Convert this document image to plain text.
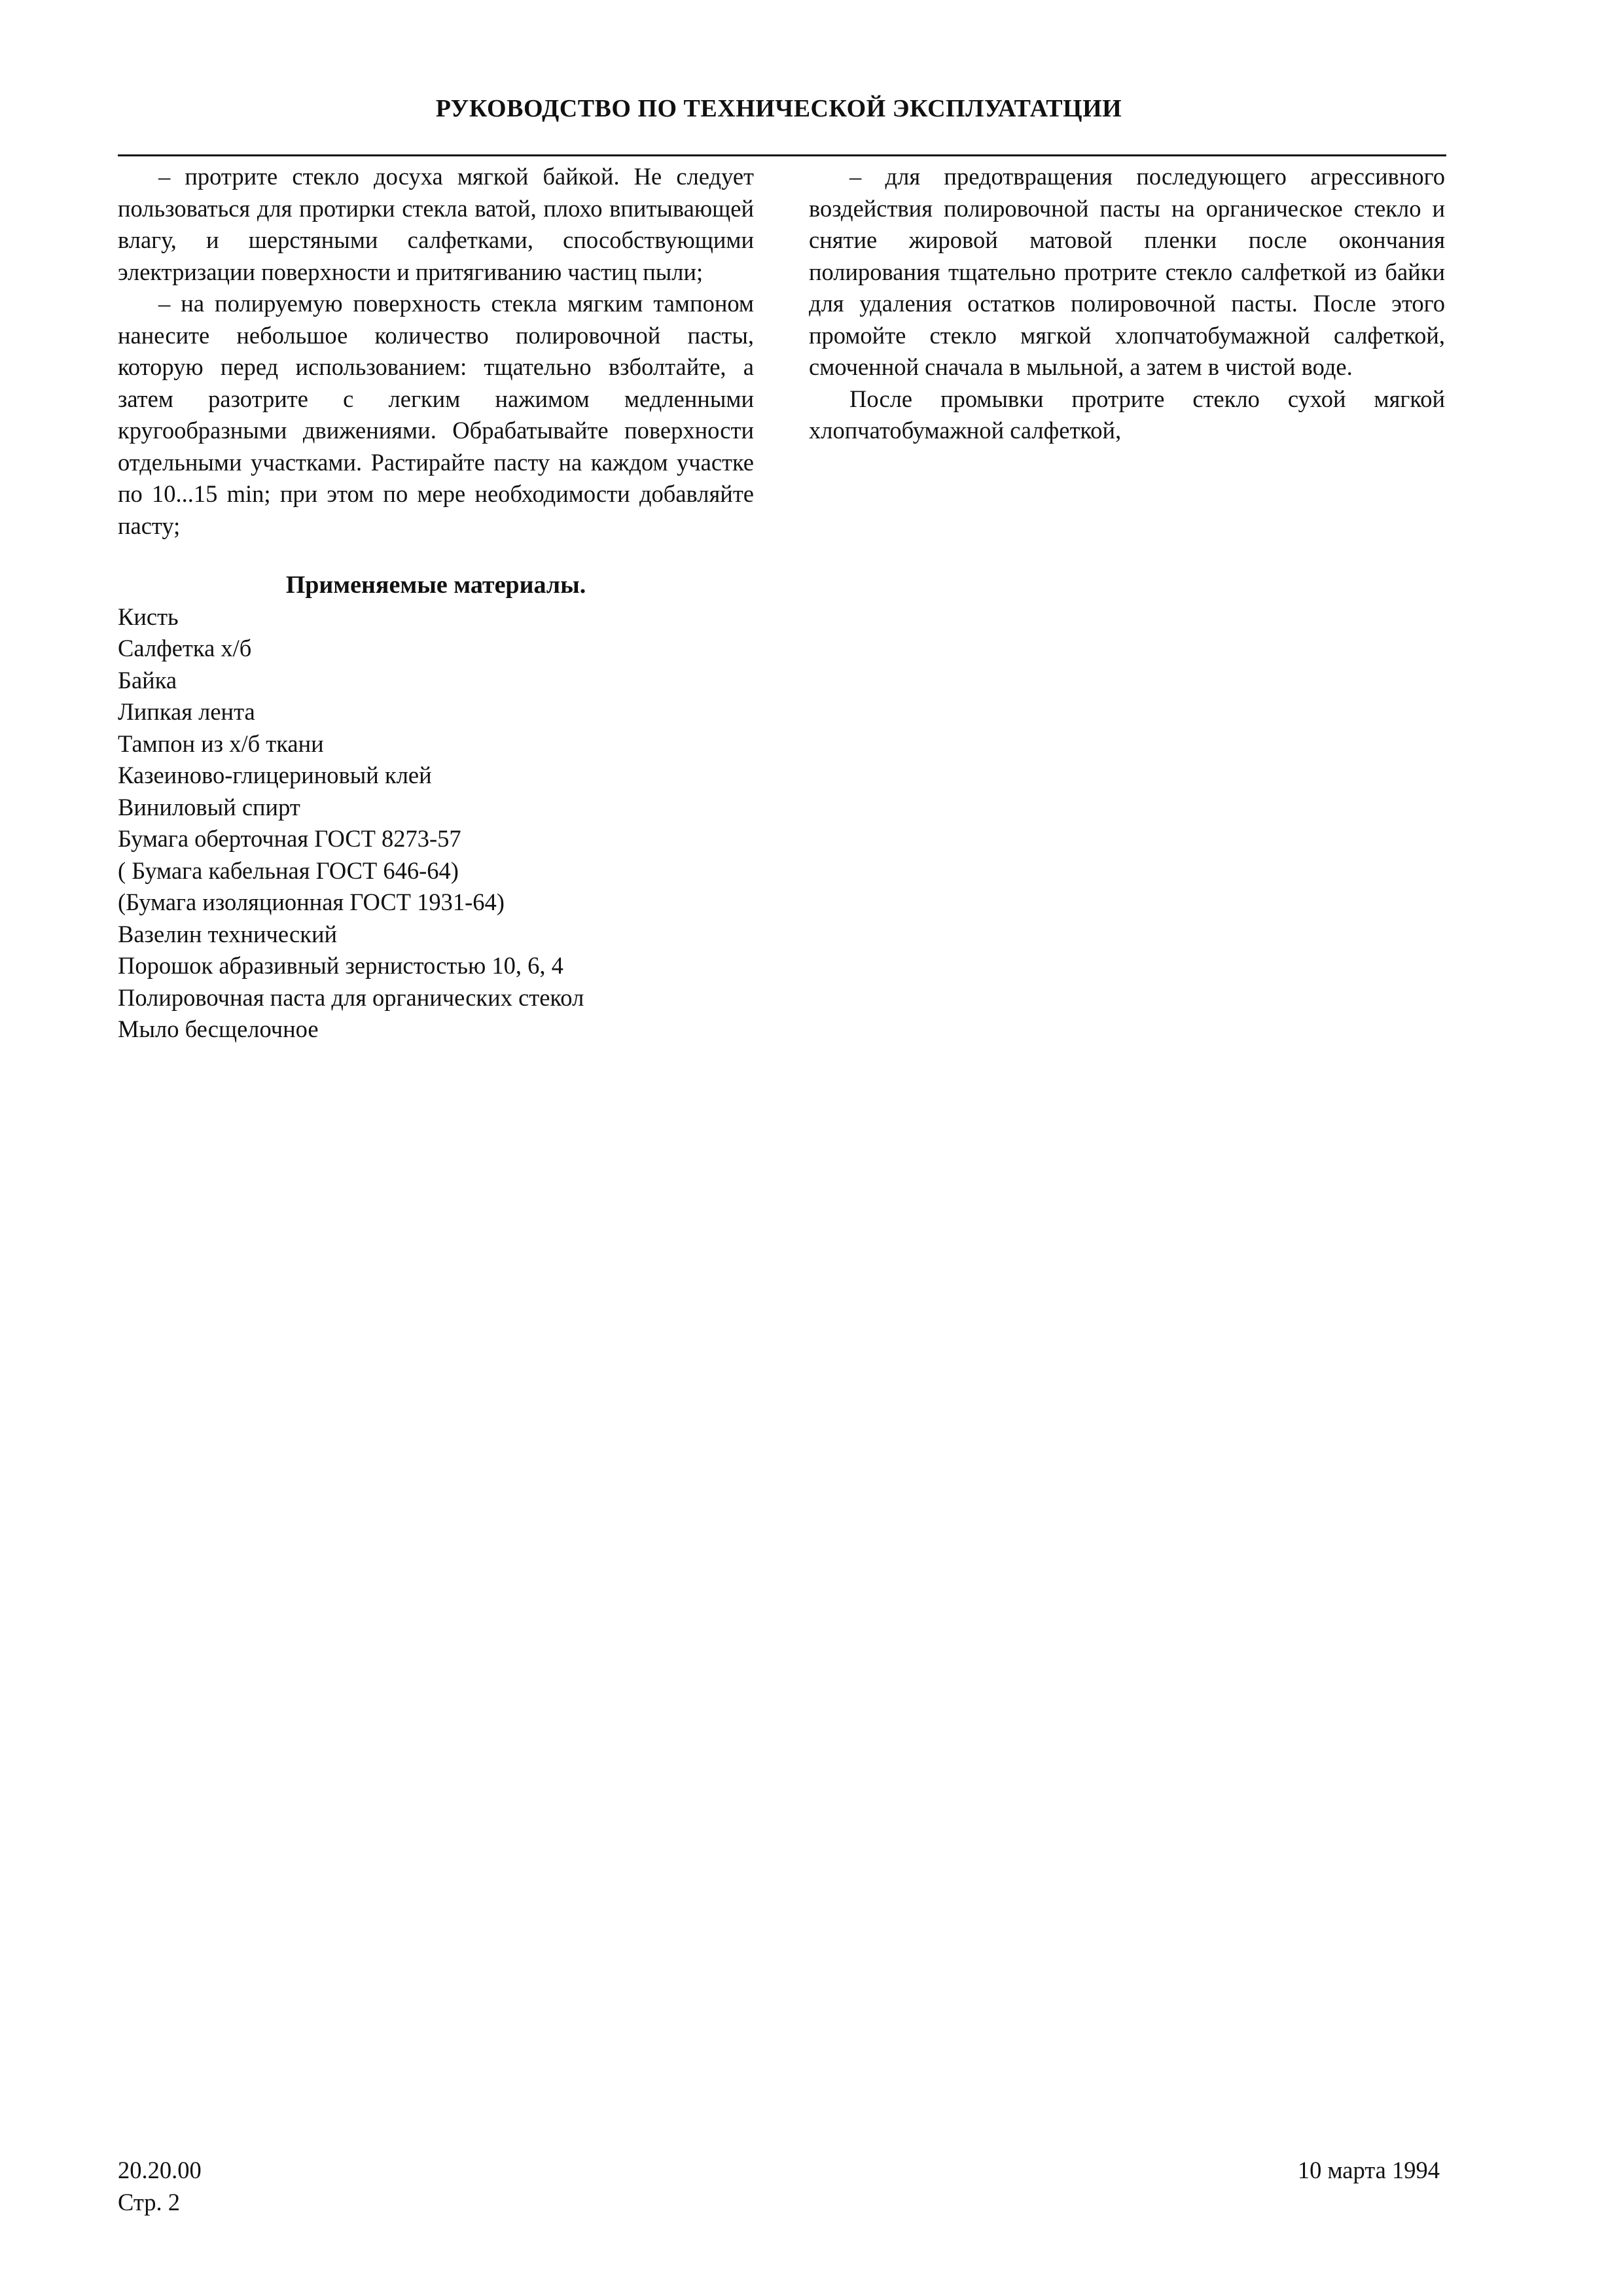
РУКОВОДСТВО ПО ТЕХНИЧЕСКОЙ ЭКСПЛУАТАТЦИИ

– протрите стекло досуха мягкой байкой. Не следует пользоваться для протирки стекла ватой, плохо впитывающей влагу, и шерстяными салфетками, способствующими электризации поверхности и притягиванию частиц пыли;

– на полируемую поверхность стекла мягким тампоном нанесите небольшое количество полировочной пасты, которую перед использованием: тщательно взболтайте, а затем разотрите с легким нажимом медленными кругообразными движениями. Обрабатывайте поверхности отдельными участками. Растирайте пасту на каждом участке по 10...15 min; при этом по мере необходимости добавляйте пасту;

Применяемые материалы.
Кисть
Салфетка х/б
Байка
Липкая лента
Тампон из х/б ткани
Казеиново-глицериновый клей
Виниловый спирт
Бумага оберточная ГОСТ 8273-57
( Бумага кабельная ГОСТ 646-64)
(Бумага изоляционная ГОСТ 1931-64)
Вазелин технический
Порошок абразивный зернистостью 10, 6, 4
Полировочная паста для органических стекол
Мыло бесщелочное

– для предотвращения последующего агрессивного воздействия полировочной пасты на органическое стекло и снятие жировой матовой пленки после окончания полирования тщательно протрите стекло салфеткой из байки для удаления остатков полировочной пасты. После этого промойте стекло мягкой хлопчатобумажной салфеткой, смоченной сначала в мыльной, а затем в чистой воде.

После промывки протрите стекло сухой мягкой хлопчатобумажной салфеткой,

20.20.00
Стр. 2
10 марта 1994
